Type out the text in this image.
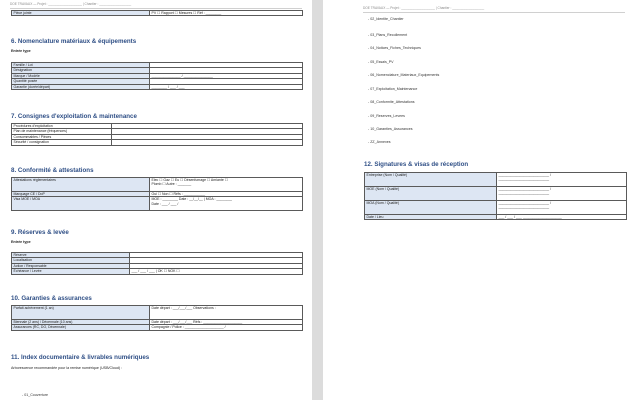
DOE TRAVAUX — Projet : ___________________ | Chantier : __________________
Pièce jointe	PV ☐ Rapport ☐ Mesures ☐ Réf : ________
6. Nomenclature matériaux & équipements
Entrée type
Famille / Lot	
Désignation	
Marque / Modèle	_______________ / _______________
Quantité posée	
Garantie (durée/départ)	________ / ___ / ___
7. Consignes d'exploitation & maintenance
Procédures d'exploitation	
Plan de maintenance (fréquences)	
Consommables / Pièces	
Sécurité / consignation	
8. Conformité & attestations
Attestations réglementaires	Elec ☐ Gaz ☐ Eu ☐ Désenfumage ☐ Amiante ☐
Plomb ☐ Autre : _______

Marquage CE / DoP	Oui ☐ Non ☐ Réfs : ___________
Visa MOE / MOA	MOE : ________ Date : __/__/__ | MOA : ________
Date : ___ / ___ /
9. Réserves & levée
Entrée type
Réserve	
Localisation	
Action / Responsable	
Échéance / Levée	___ / ___ / ___ | OK ☐ NOK ☐
10. Garanties & assurances
Parfait achèvement (1 an)	Date départ : ___/___/___ Observations :
Biennale (2 ans) / Décennale (10 ans)	Date départ : ___/___/___ Réfs : ____________________
Assurances (RC, DO, Décennale)	Compagnie / Police : ____________________ /
11. Index documentaire & livrables numériques
Arborescence recommandée pour la remise numérique (USB/Cloud) :
- 01_Couverture
DOE TRAVAUX — Projet : ___________________ | Chantier : __________________
- 02_Identite_Chantier
- 03_Plans_Recollement
- 04_Notices_Fiches_Techniques
- 05_Essais_PV
- 06_Nomenclature_Materiaux_Equipements
- 07_Exploitation_Maintenance
- 08_Conformite_Attestations
- 09_Reserves_Levees
- 10_Garanties_Assurances
- ZZ_Annexes
12. Signatures & visas de réception
Entreprise (Nom / Qualité)	__________________________ /
__________________________

MOE (Nom / Qualité)	__________________________ /
__________________________

MOA (Nom / Qualité)	__________________________ /
__________________________

Date / Lieu	___ / ___ / ___ ____________________
